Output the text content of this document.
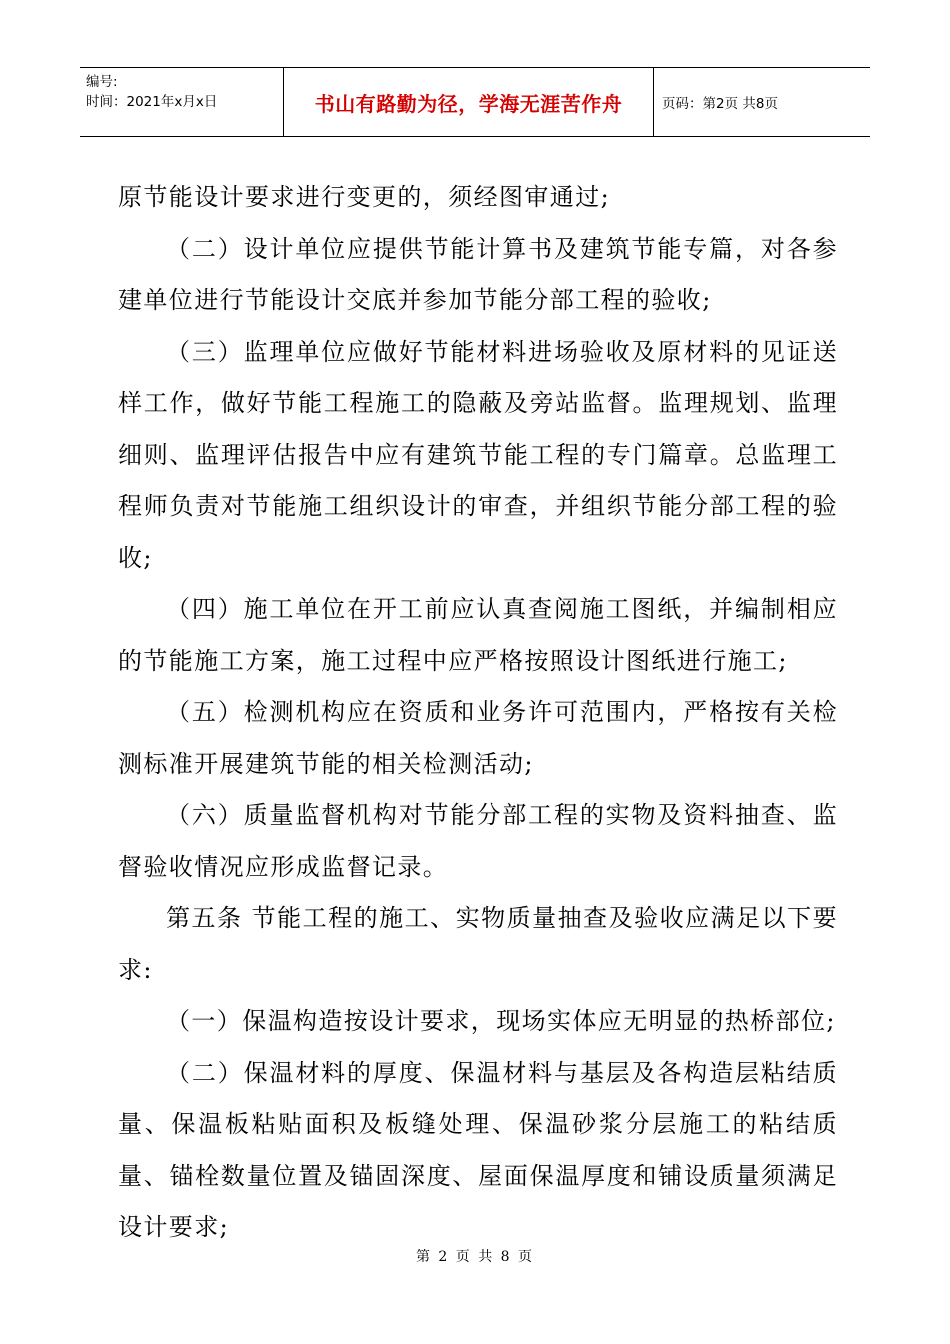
编号:
时间：2021年x月x日	书山有路勤为径，学海无涯苦作舟	页码：第2页 共8页

原节能设计要求进行变更的，须经图审通过;

（二）设计单位应提供节能计算书及建筑节能专篇，对各参建单位进行节能设计交底并参加节能分部工程的验收;

（三）监理单位应做好节能材料进场验收及原材料的见证送样工作，做好节能工程施工的隐蔽及旁站监督。监理规划、监理细则、监理评估报告中应有建筑节能工程的专门篇章。总监理工程师负责对节能施工组织设计的审查，并组织节能分部工程的验收;

（四）施工单位在开工前应认真查阅施工图纸，并编制相应的节能施工方案，施工过程中应严格按照设计图纸进行施工;

（五）检测机构应在资质和业务许可范围内，严格按有关检测标准开展建筑节能的相关检测活动;

（六）质量监督机构对节能分部工程的实物及资料抽查、监督验收情况应形成监督记录。

第五条 节能工程的施工、实物质量抽查及验收应满足以下要求:

（一）保温构造按设计要求，现场实体应无明显的热桥部位;

（二）保温材料的厚度、保温材料与基层及各构造层粘结质量、保温板粘贴面积及板缝处理、保温砂浆分层施工的粘结质量、锚栓数量位置及锚固深度、屋面保温厚度和铺设质量须满足设计要求;

第 2 页 共 8 页
